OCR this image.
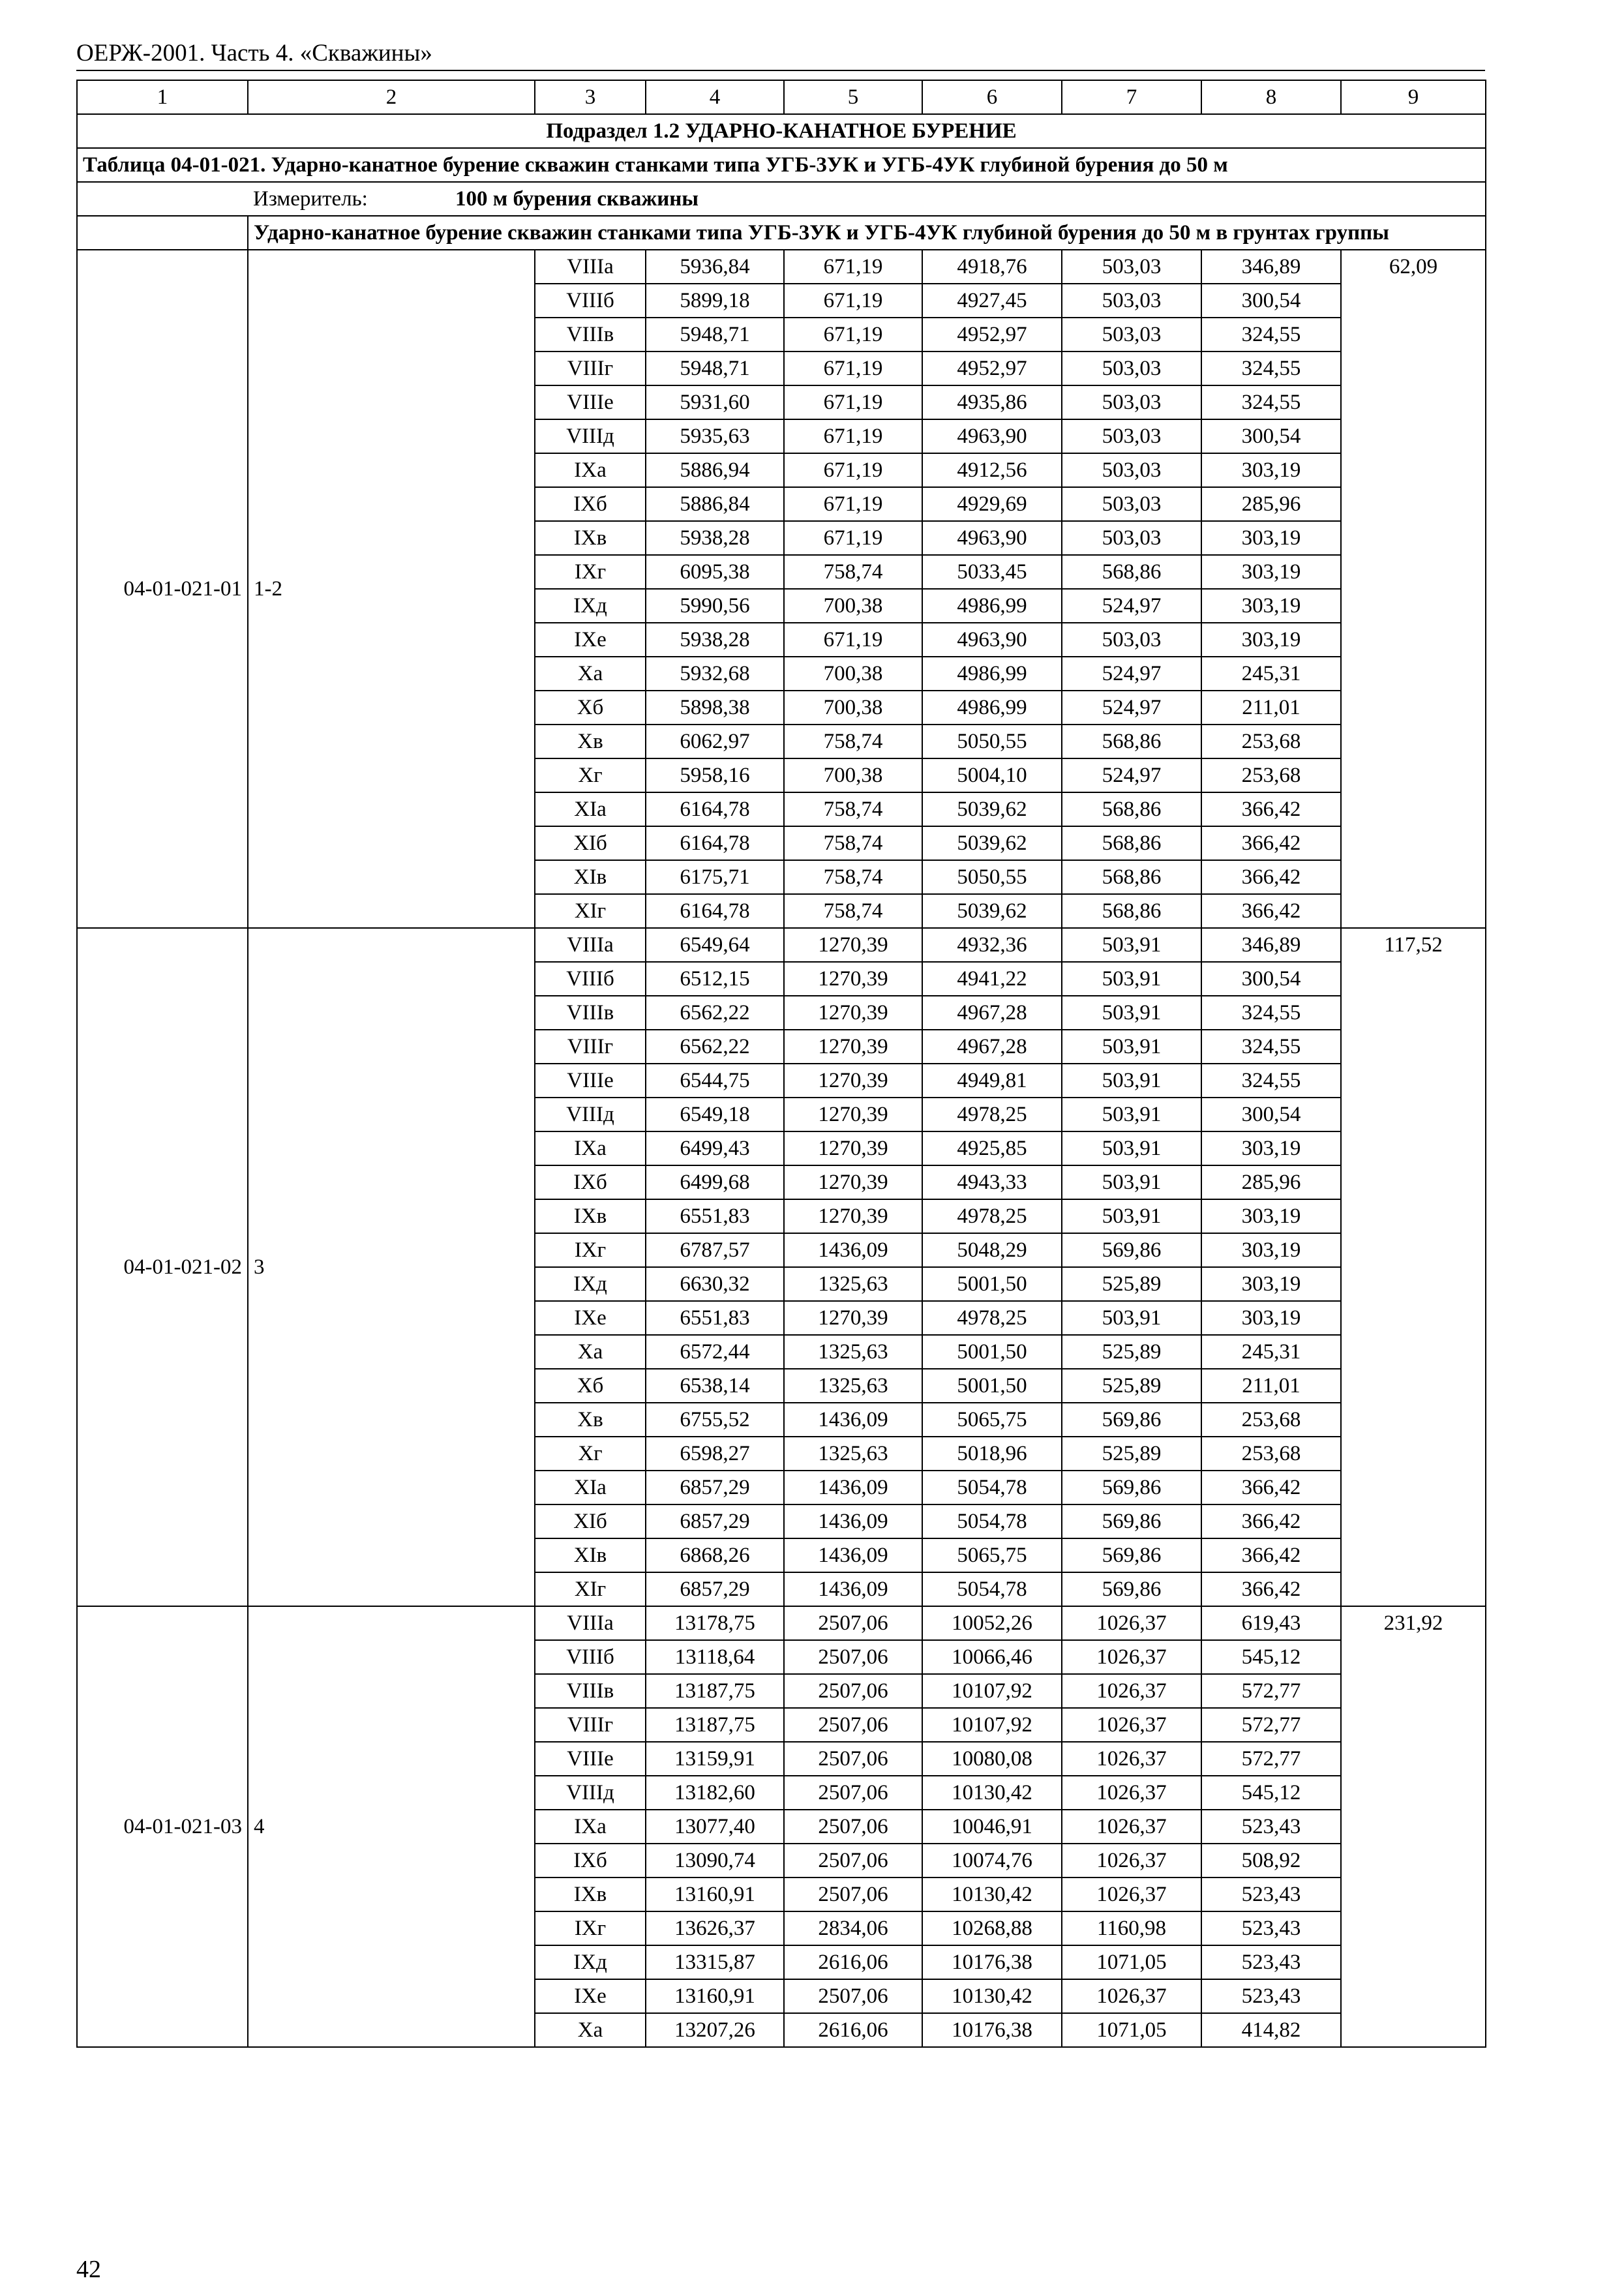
ОЕРЖ-2001. Часть 4. «Скважины»
1	2	3	4	5	6	7	8	9
Подраздел 1.2 УДАРНО-КАНАТНОЕ БУРЕНИЕ								
Таблица 04-01-021. Ударно-канатное бурение скважин станками типа УГБ-3УК и УГБ-4УК глубиной бурения до 50 м								
	Измеритель: 100 м бурения скважины							
	Ударно-канатное бурение скважин станками типа УГБ-3УК и УГБ-4УК глубиной бурения до 50 м в грунтах группы							
04-01-021-01	1-2	VIIIа	5936,84	671,19	4918,76	503,03	346,89	62,09
		VIIIб	5899,18	671,19	4927,45	503,03	300,54	
		VIIIв	5948,71	671,19	4952,97	503,03	324,55	
		VIIIг	5948,71	671,19	4952,97	503,03	324,55	
		VIIIе	5931,60	671,19	4935,86	503,03	324,55	
		VIIIд	5935,63	671,19	4963,90	503,03	300,54	
		IXа	5886,94	671,19	4912,56	503,03	303,19	
		IXб	5886,84	671,19	4929,69	503,03	285,96	
		IXв	5938,28	671,19	4963,90	503,03	303,19	
		IXг	6095,38	758,74	5033,45	568,86	303,19	
		IXд	5990,56	700,38	4986,99	524,97	303,19	
		IXе	5938,28	671,19	4963,90	503,03	303,19	
		Xа	5932,68	700,38	4986,99	524,97	245,31	
		Xб	5898,38	700,38	4986,99	524,97	211,01	
		Xв	6062,97	758,74	5050,55	568,86	253,68	
		Xг	5958,16	700,38	5004,10	524,97	253,68	
		XIа	6164,78	758,74	5039,62	568,86	366,42	
		XIб	6164,78	758,74	5039,62	568,86	366,42	
		XIв	6175,71	758,74	5050,55	568,86	366,42	
		XIг	6164,78	758,74	5039,62	568,86	366,42	
04-01-021-02	3	VIIIа	6549,64	1270,39	4932,36	503,91	346,89	117,52
		VIIIб	6512,15	1270,39	4941,22	503,91	300,54	
		VIIIв	6562,22	1270,39	4967,28	503,91	324,55	
		VIIIг	6562,22	1270,39	4967,28	503,91	324,55	
		VIIIе	6544,75	1270,39	4949,81	503,91	324,55	
		VIIIд	6549,18	1270,39	4978,25	503,91	300,54	
		IXа	6499,43	1270,39	4925,85	503,91	303,19	
		IXб	6499,68	1270,39	4943,33	503,91	285,96	
		IXв	6551,83	1270,39	4978,25	503,91	303,19	
		IXг	6787,57	1436,09	5048,29	569,86	303,19	
		IXд	6630,32	1325,63	5001,50	525,89	303,19	
		IXе	6551,83	1270,39	4978,25	503,91	303,19	
		Xа	6572,44	1325,63	5001,50	525,89	245,31	
		Xб	6538,14	1325,63	5001,50	525,89	211,01	
		Xв	6755,52	1436,09	5065,75	569,86	253,68	
		Xг	6598,27	1325,63	5018,96	525,89	253,68	
		XIа	6857,29	1436,09	5054,78	569,86	366,42	
		XIб	6857,29	1436,09	5054,78	569,86	366,42	
		XIв	6868,26	1436,09	5065,75	569,86	366,42	
		XIг	6857,29	1436,09	5054,78	569,86	366,42	
04-01-021-03	4	VIIIа	13178,75	2507,06	10052,26	1026,37	619,43	231,92
		VIIIб	13118,64	2507,06	10066,46	1026,37	545,12	
		VIIIв	13187,75	2507,06	10107,92	1026,37	572,77	
		VIIIг	13187,75	2507,06	10107,92	1026,37	572,77	
		VIIIе	13159,91	2507,06	10080,08	1026,37	572,77	
		VIIIд	13182,60	2507,06	10130,42	1026,37	545,12	
		IXа	13077,40	2507,06	10046,91	1026,37	523,43	
		IXб	13090,74	2507,06	10074,76	1026,37	508,92	
		IXв	13160,91	2507,06	10130,42	1026,37	523,43	
		IXг	13626,37	2834,06	10268,88	1160,98	523,43	
		IXд	13315,87	2616,06	10176,38	1071,05	523,43	
		IXе	13160,91	2507,06	10130,42	1026,37	523,43	
		Xа	13207,26	2616,06	10176,38	1071,05	414,82	
42
